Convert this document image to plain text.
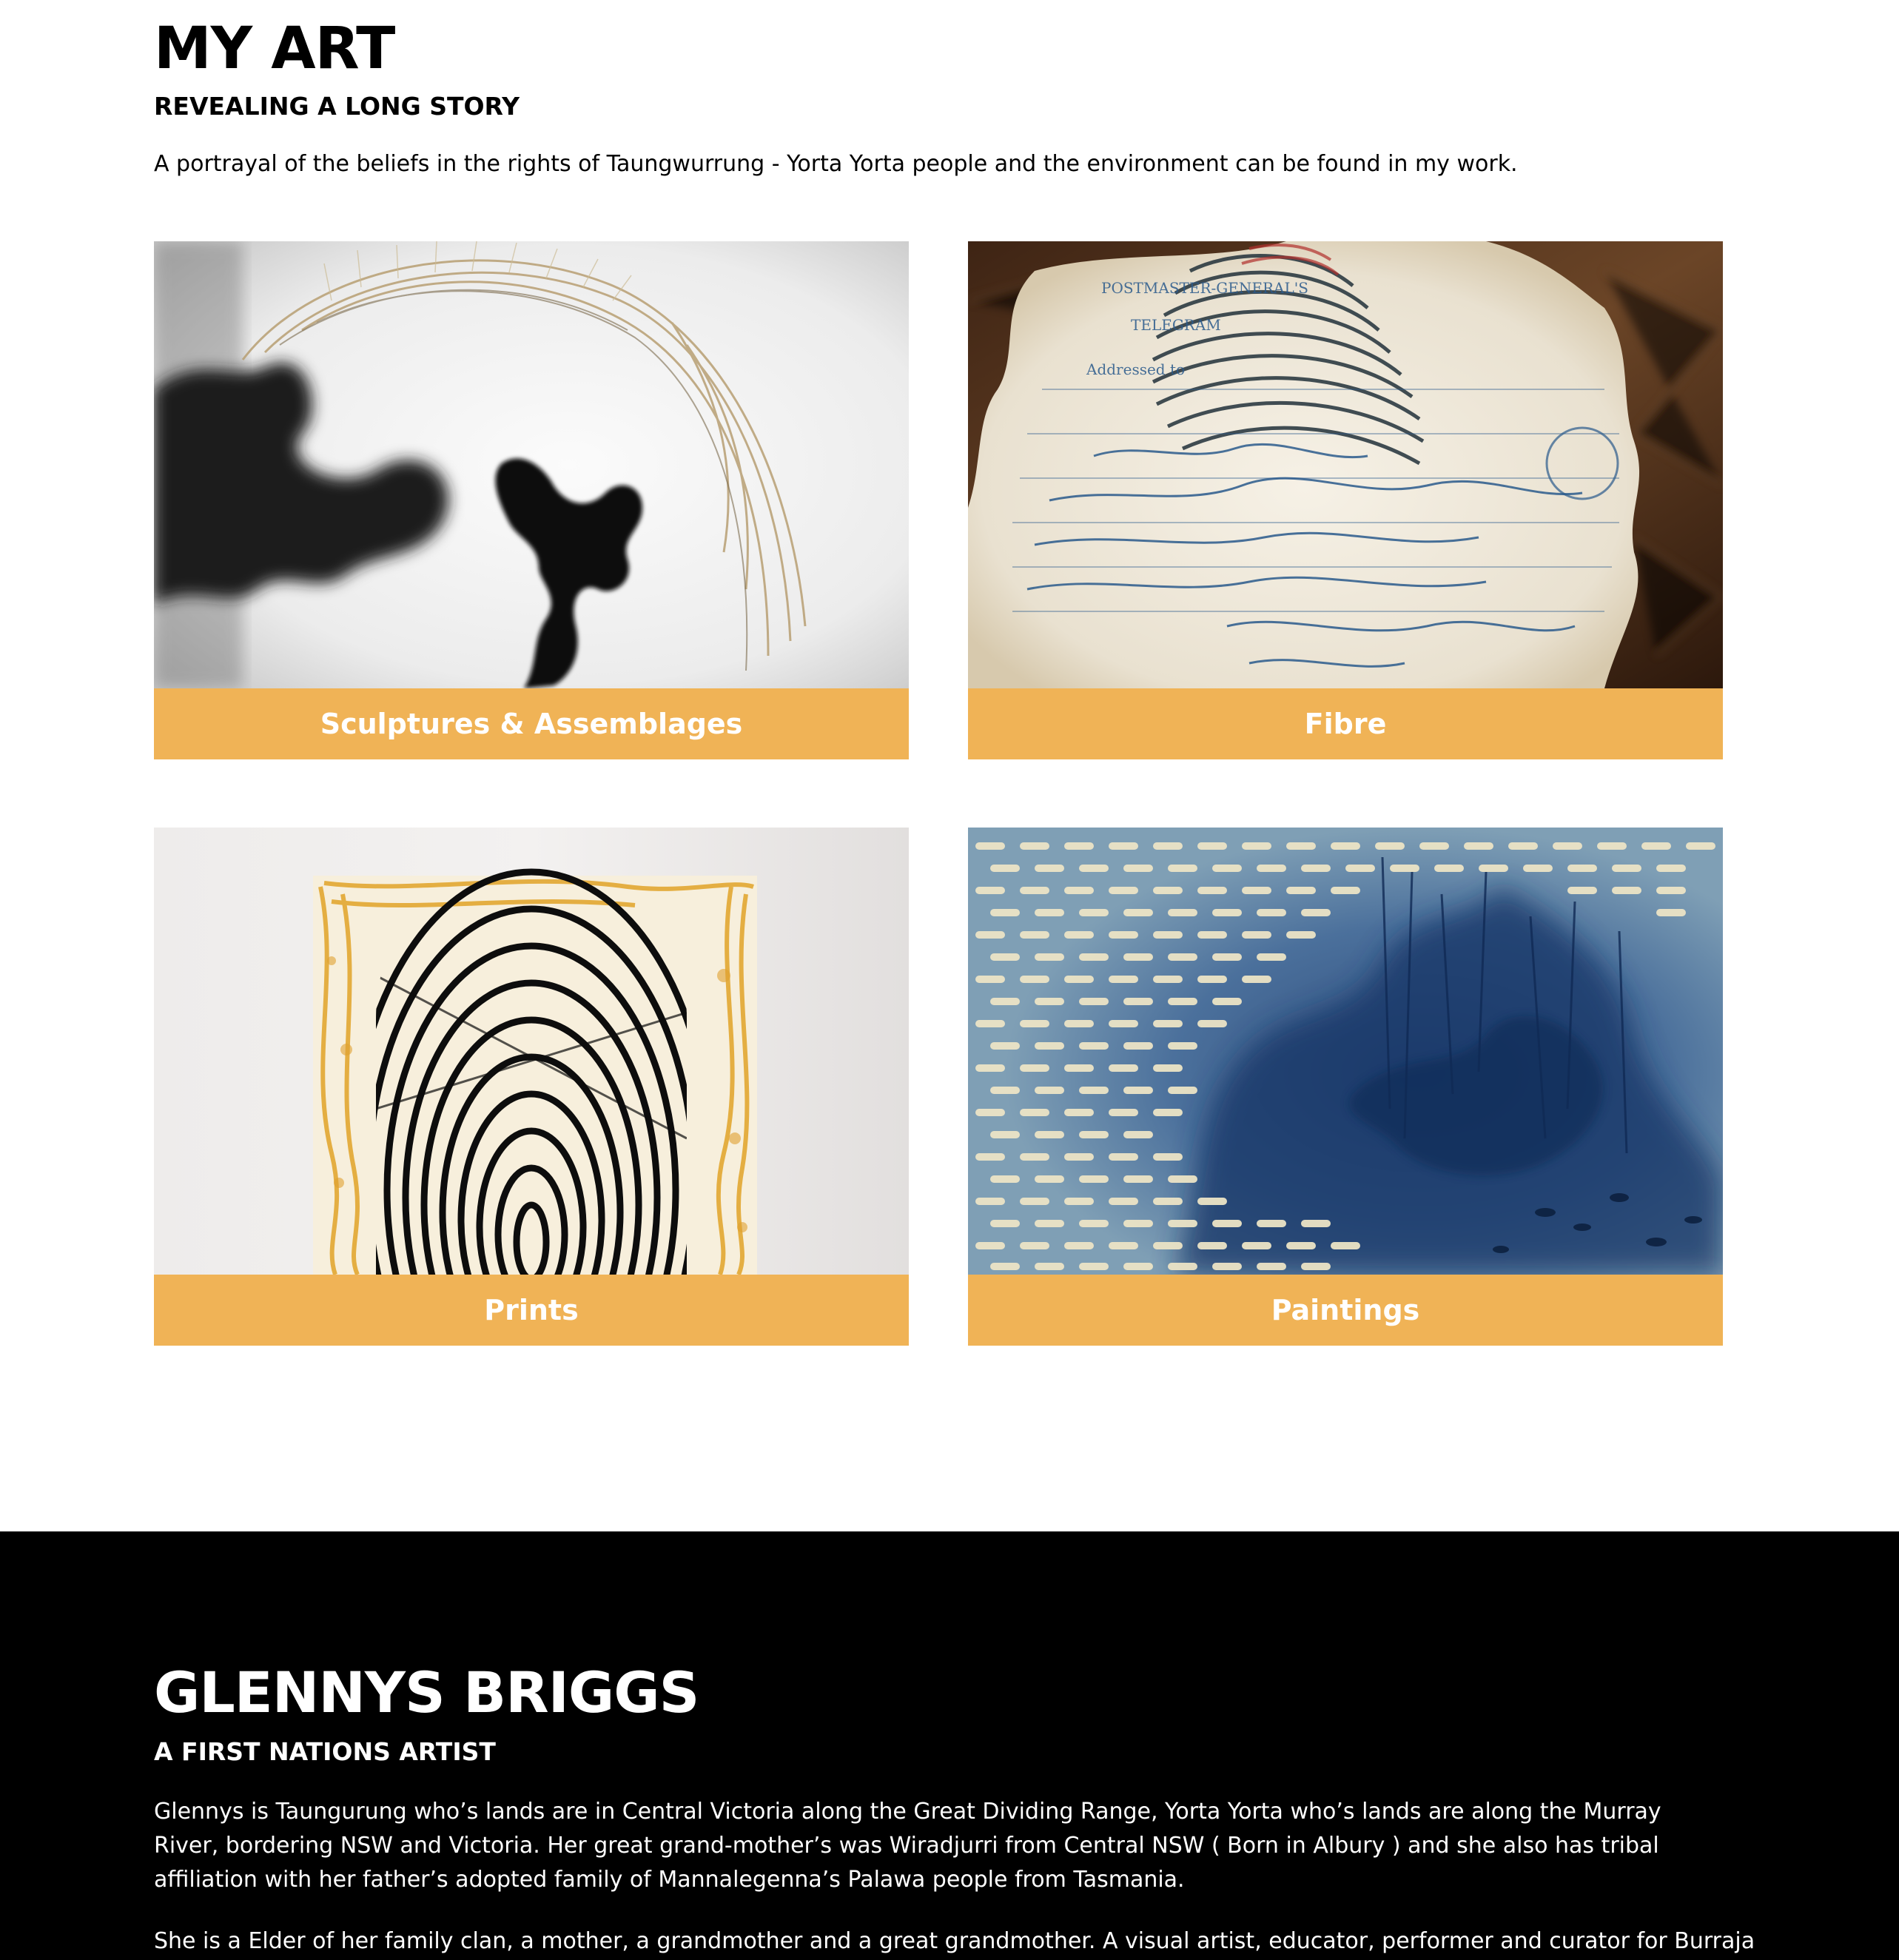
MY ART
REVEALING A LONG STORY

A portrayal of the beliefs in the rights of Taungwurrung - Yorta Yorta people and the environment can be found in my work.

Sculptures & Assemblages
POSTMASTER-GENERAL'S
TELEGRAM
Addressed to
Fibre
Prints	Paintings
GLENNYS BRIGGS
A FIRST NATIONS ARTIST

Glennys is Taungurung who’s lands are in Central Victoria along the Great Dividing Range, Yorta Yorta who’s lands are along the Murray River, bordering NSW and Victoria. Her great grand-mother’s was Wiradjurri from Central NSW ( Born in Albury ) and she also has tribal affiliation with her father’s adopted family of Mannalegenna’s Palawa people from Tasmania.

She is a Elder of her family clan, a mother, a grandmother and a great grandmother. A visual artist, educator, performer and curator for Burraja
